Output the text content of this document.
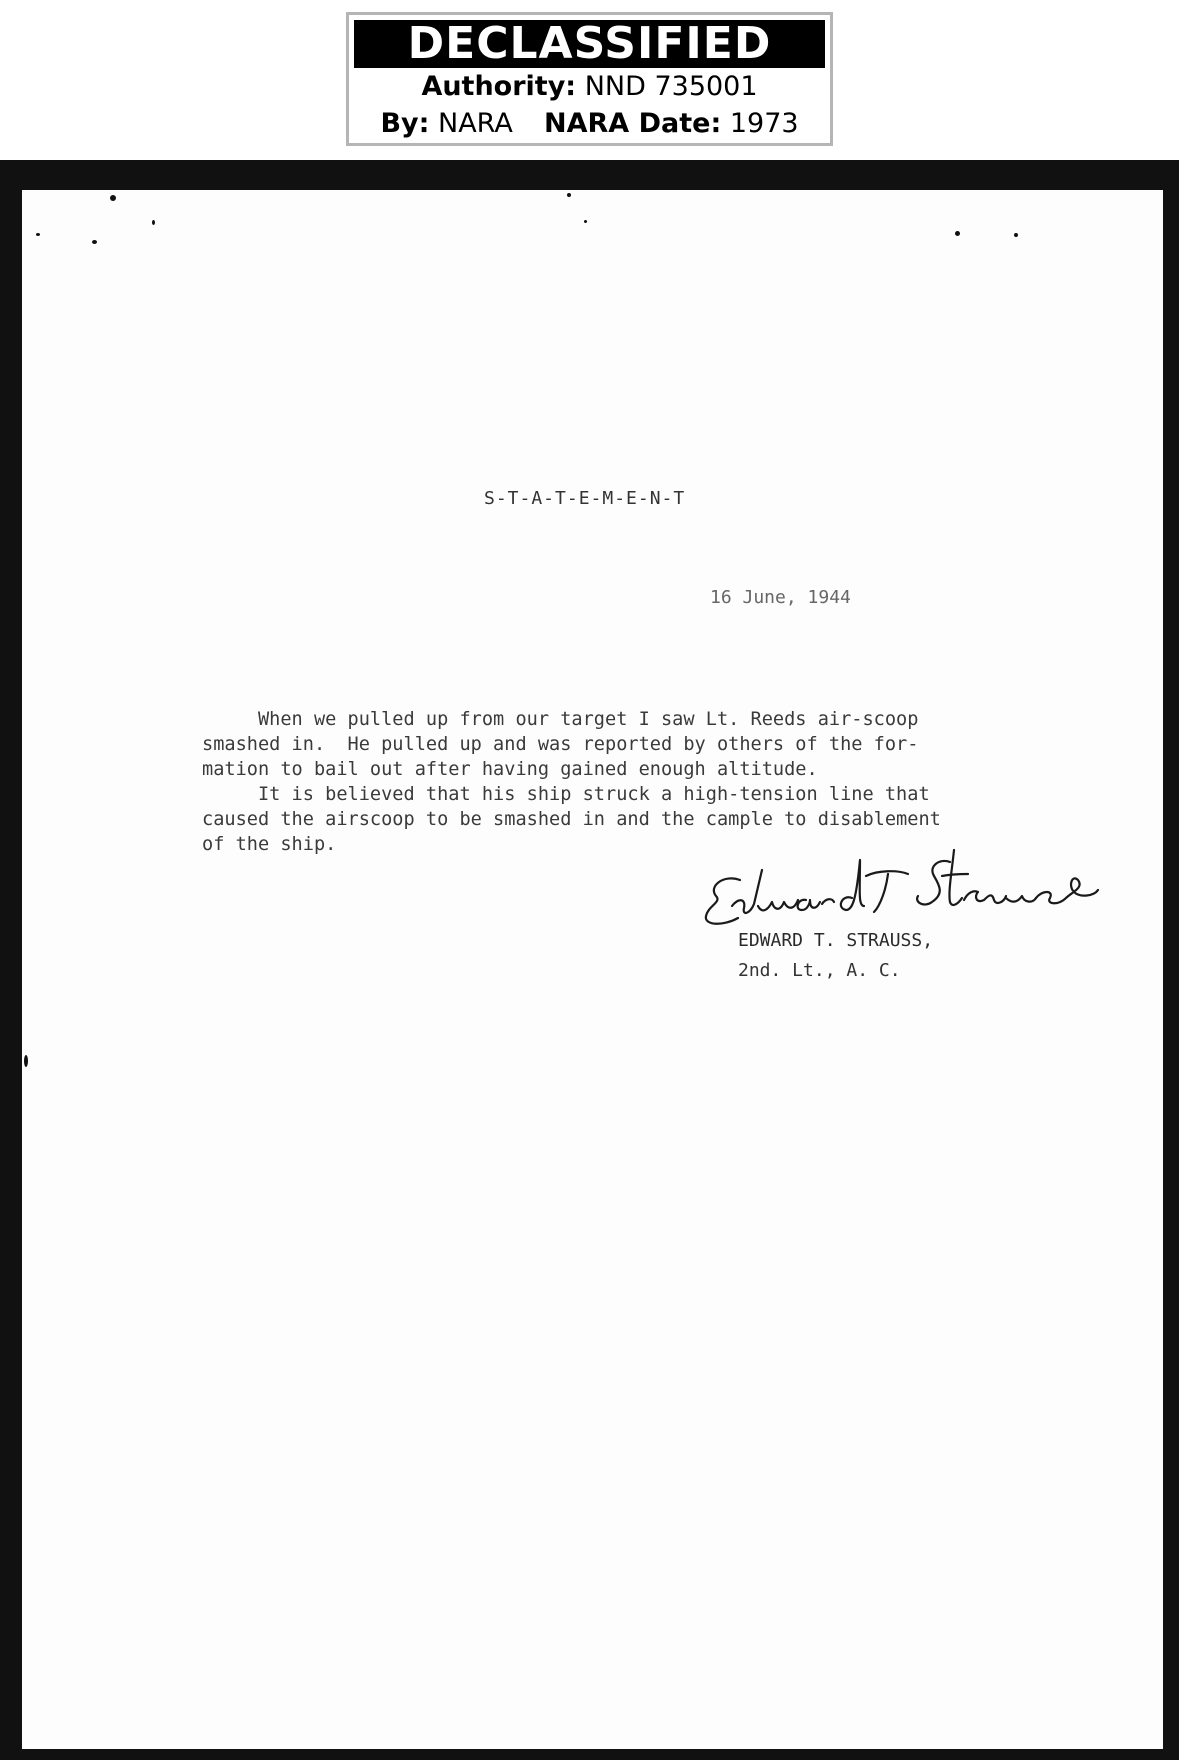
DECLASSIFIED
Authority: NND 735001
By: NARA NARA Date: 1973
S-T-A-T-E-M-E-N-T
16 June, 1944
When we pulled up from our target I saw Lt. Reeds air-scoop
smashed in.  He pulled up and was reported by others of the for-
mation to bail out after having gained enough altitude.
It is believed that his ship struck a high-tension line that
caused the airscoop to be smashed in and the cample to disablement
of the ship.
EDWARD T. STRAUSS,
2nd. Lt., A. C.
